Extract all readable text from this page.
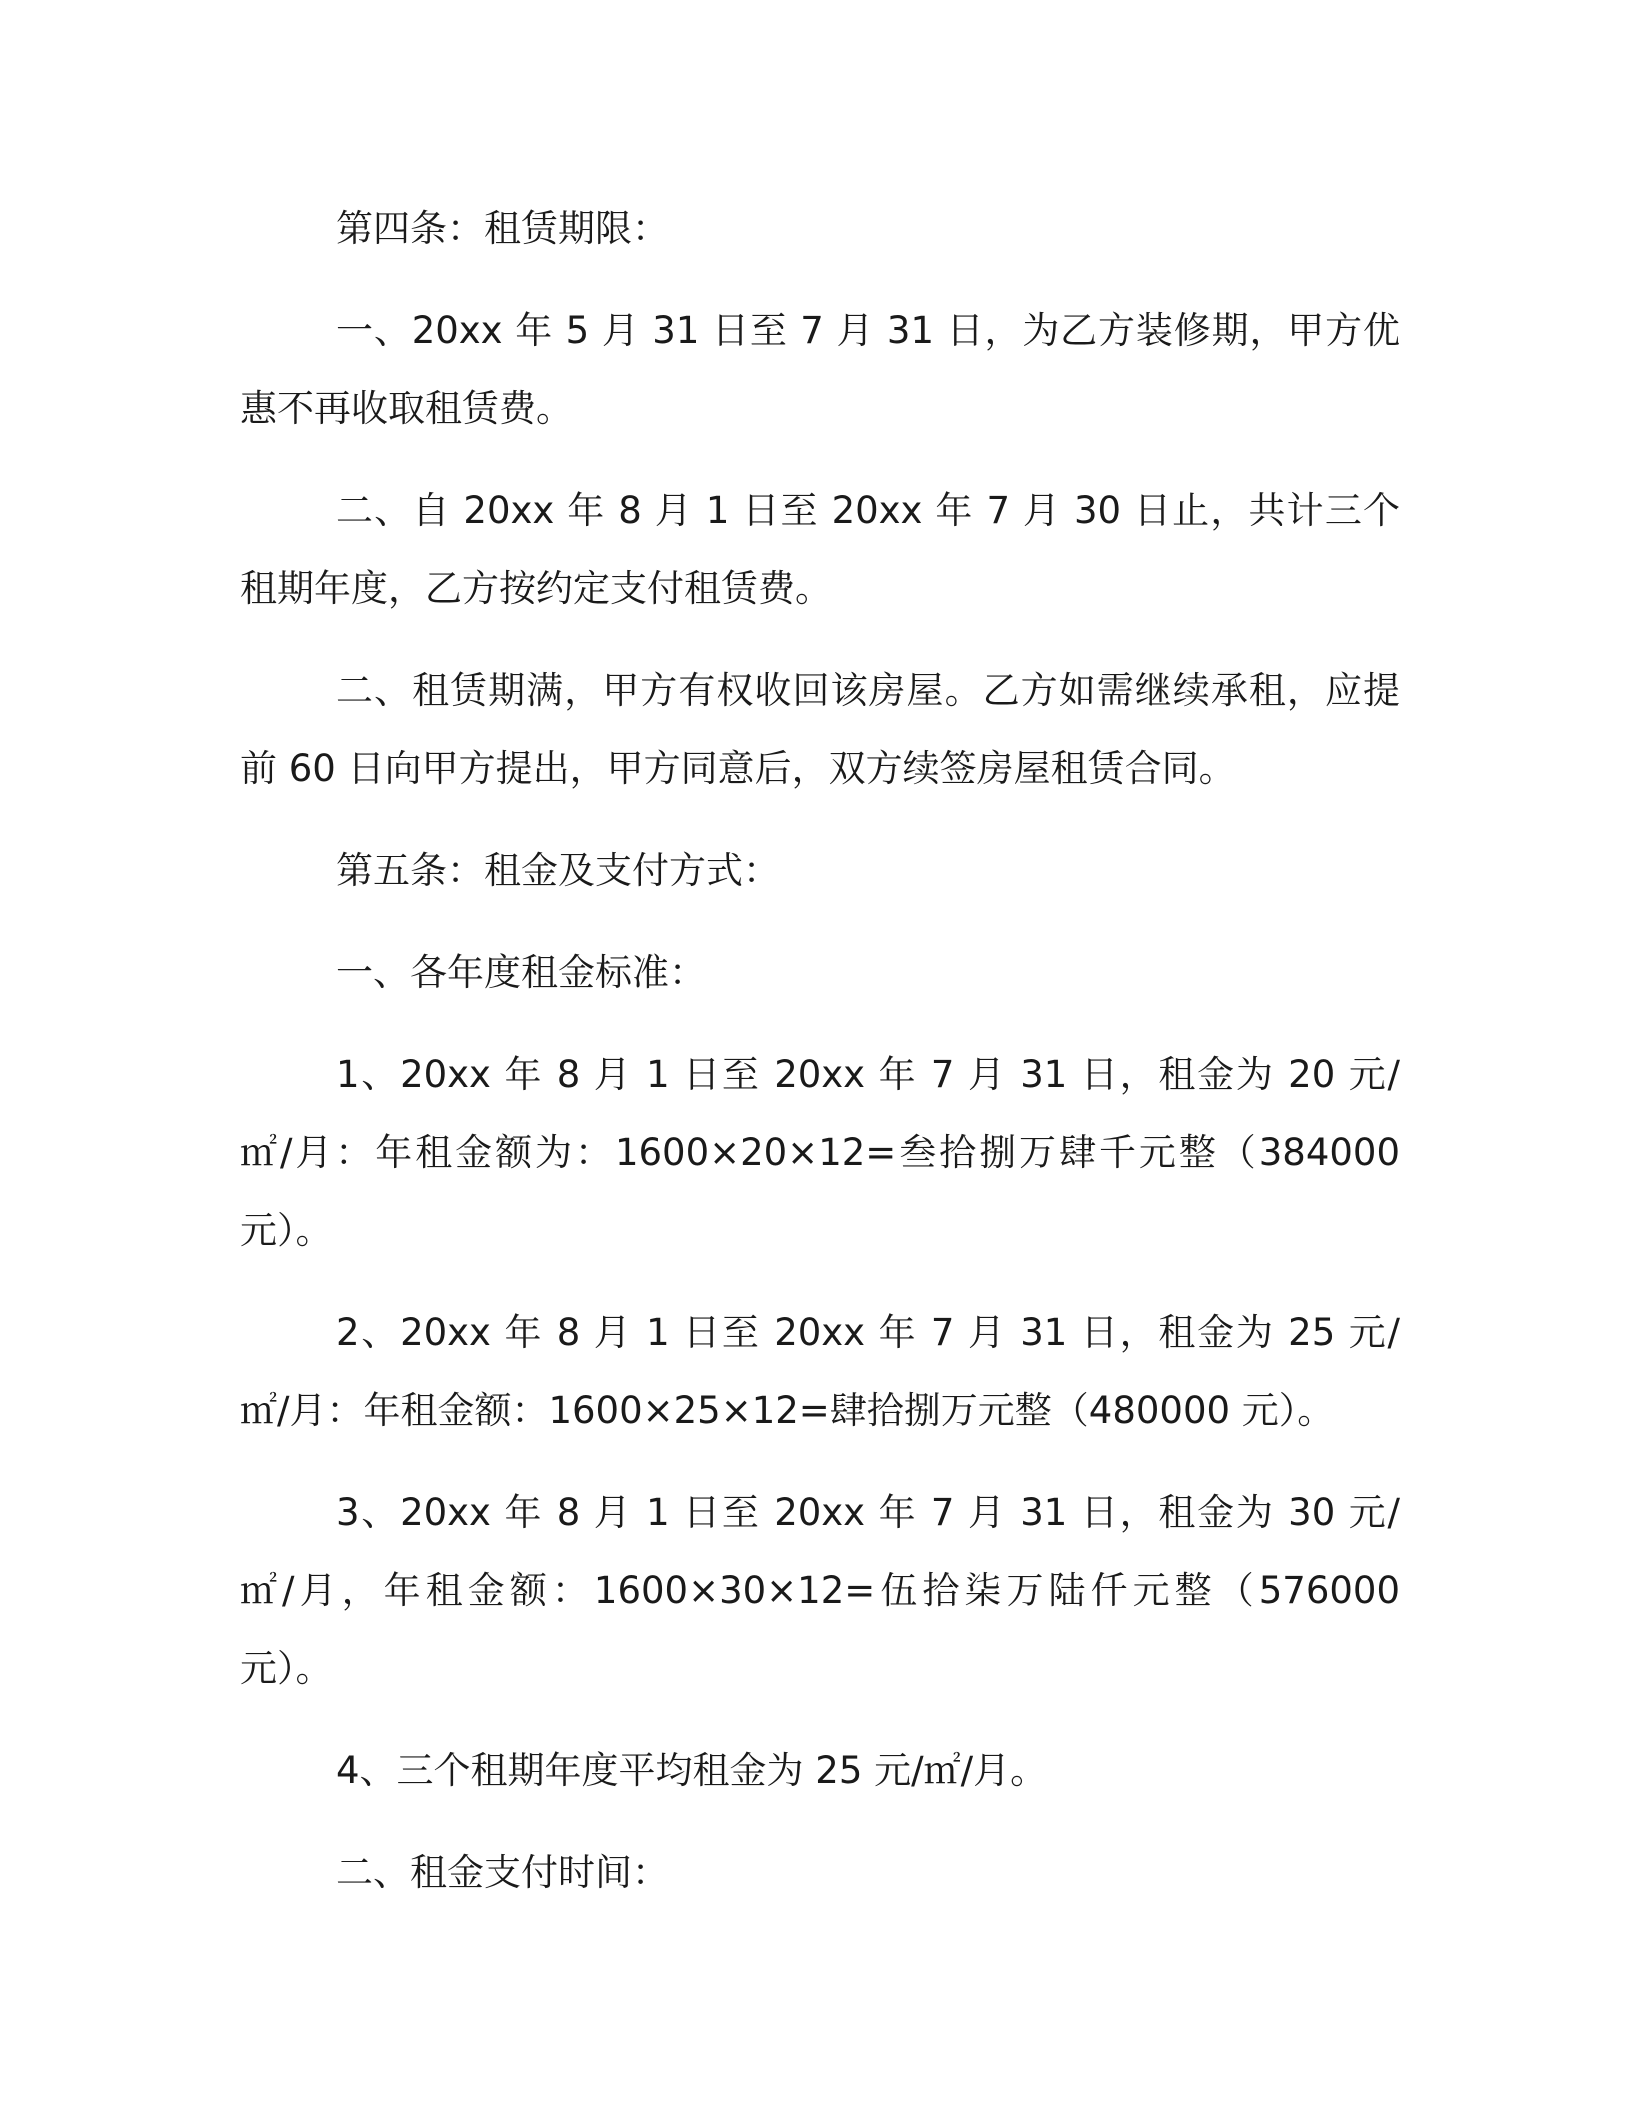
第四条：租赁期限：

一、20xx 年 5 月 31 日至 7 月 31 日，为乙方装修期，甲方优惠不再收取租赁费。

二、自 20xx 年 8 月 1 日至 20xx 年 7 月 30 日止，共计三个租期年度，乙方按约定支付租赁费。

二、租赁期满，甲方有权收回该房屋。乙方如需继续承租，应提前 60 日向甲方提出，甲方同意后，双方续签房屋租赁合同。

第五条：租金及支付方式：

一、各年度租金标准：

1、20xx 年 8 月 1 日至 20xx 年 7 月 31 日，租金为 20 元/㎡/月：年租金额为：1600×20×12=叁拾捌万肆千元整（384000 元）。

2、20xx 年 8 月 1 日至 20xx 年 7 月 31 日，租金为 25 元/㎡/月：年租金额：1600×25×12=肆拾捌万元整（480000 元）。

3、20xx 年 8 月 1 日至 20xx 年 7 月 31 日，租金为 30 元/㎡/月，年租金额：1600×30×12=伍拾柒万陆仟元整（576000 元）。

4、三个租期年度平均租金为 25 元/㎡/月。

二、租金支付时间：
